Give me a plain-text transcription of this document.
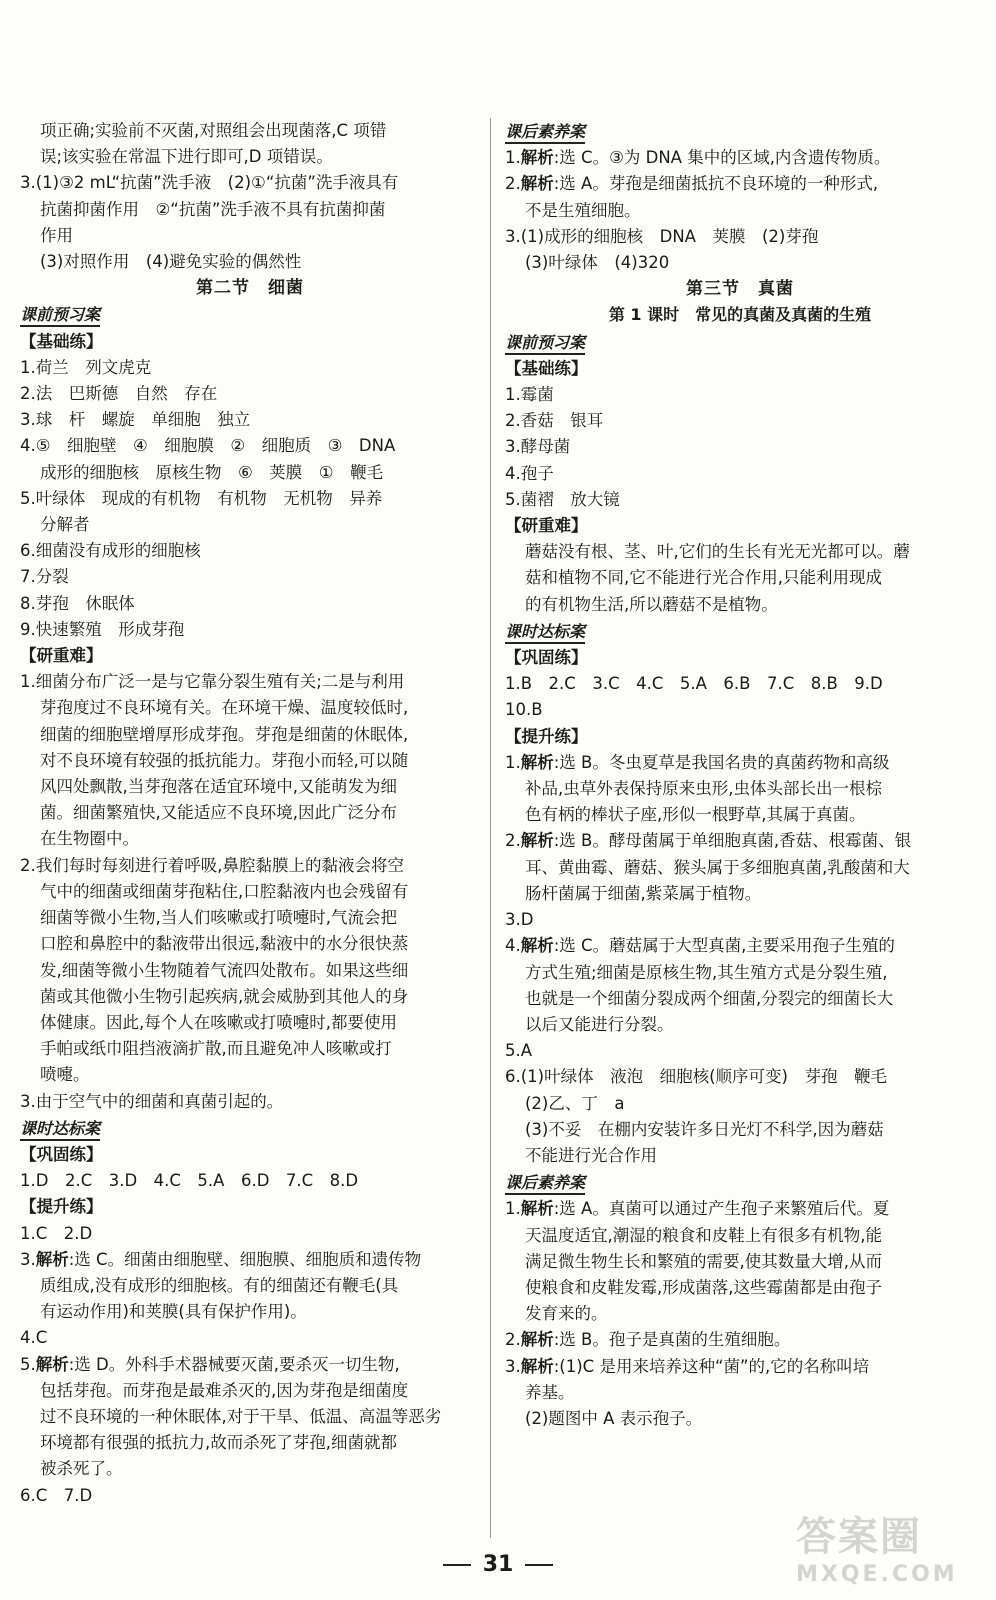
项正确;实验前不灭菌,对照组会出现菌落,C 项错
误;该实验在常温下进行即可,D 项错误。
3.(1)③2 mL“抗菌”洗手液　(2)①“抗菌”洗手液具有
抗菌抑菌作用　②“抗菌”洗手液不具有抗菌抑菌
作用
(3)对照作用　(4)避免实验的偶然性
第二节　细菌
课前预习案
【基础练】
1.荷兰　列文虎克
2.法　巴斯德　自然　存在
3.球　杆　螺旋　单细胞　独立
4.⑤　细胞壁　④　细胞膜　②　细胞质　③　DNA
成形的细胞核　原核生物　⑥　荚膜　①　鞭毛
5.叶绿体　现成的有机物　有机物　无机物　异养
分解者
6.细菌没有成形的细胞核
7.分裂
8.芽孢　休眠体
9.快速繁殖　形成芽孢
【研重难】
1.细菌分布广泛一是与它靠分裂生殖有关;二是与利用
芽孢度过不良环境有关。在环境干燥、温度较低时,
细菌的细胞壁增厚形成芽孢。芽孢是细菌的休眠体,
对不良环境有较强的抵抗能力。芽孢小而轻,可以随
风四处飘散,当芽孢落在适宜环境中,又能萌发为细
菌。细菌繁殖快,又能适应不良环境,因此广泛分布
在生物圈中。
2.我们每时每刻进行着呼吸,鼻腔黏膜上的黏液会将空
气中的细菌或细菌芽孢粘住,口腔黏液内也会残留有
细菌等微小生物,当人们咳嗽或打喷嚏时,气流会把
口腔和鼻腔中的黏液带出很远,黏液中的水分很快蒸
发,细菌等微小生物随着气流四处散布。如果这些细
菌或其他微小生物引起疾病,就会威胁到其他人的身
体健康。因此,每个人在咳嗽或打喷嚏时,都要使用
手帕或纸巾阻挡液滴扩散,而且避免冲人咳嗽或打
喷嚏。
3.由于空气中的细菌和真菌引起的。
课时达标案
【巩固练】
1.D　2.C　3.D　4.C　5.A　6.D　7.C　8.D
【提升练】
1.C　2.D
3.解析:选 C。细菌由细胞壁、细胞膜、细胞质和遗传物
质组成,没有成形的细胞核。有的细菌还有鞭毛(具
有运动作用)和荚膜(具有保护作用)。
4.C
5.解析:选 D。外科手术器械要灭菌,要杀灭一切生物,
包括芽孢。而芽孢是最难杀灭的,因为芽孢是细菌度
过不良环境的一种休眠体,对于干旱、低温、高温等恶劣
环境都有很强的抵抗力,故而杀死了芽孢,细菌就都
被杀死了。
6.C　7.D
课后素养案
1.解析:选 C。③为 DNA 集中的区域,内含遗传物质。
2.解析:选 A。芽孢是细菌抵抗不良环境的一种形式,
不是生殖细胞。
3.(1)成形的细胞核　DNA　荚膜　(2)芽孢
(3)叶绿体　(4)320
第三节　真菌
第 1 课时　常见的真菌及真菌的生殖
课前预习案
【基础练】
1.霉菌
2.香菇　银耳
3.酵母菌
4.孢子
5.菌褶　放大镜
【研重难】
蘑菇没有根、茎、叶,它们的生长有光无光都可以。蘑
菇和植物不同,它不能进行光合作用,只能利用现成
的有机物生活,所以蘑菇不是植物。
课时达标案
【巩固练】
1.B　2.C　3.C　4.C　5.A　6.B　7.C　8.B　9.D
10.B
【提升练】
1.解析:选 B。冬虫夏草是我国名贵的真菌药物和高级
补品,虫草外表保持原来虫形,虫体头部长出一根棕
色有柄的棒状子座,形似一根野草,其属于真菌。
2.解析:选 B。酵母菌属于单细胞真菌,香菇、根霉菌、银
耳、黄曲霉、蘑菇、猴头属于多细胞真菌,乳酸菌和大
肠杆菌属于细菌,紫菜属于植物。
3.D
4.解析:选 C。蘑菇属于大型真菌,主要采用孢子生殖的
方式生殖;细菌是原核生物,其生殖方式是分裂生殖,
也就是一个细菌分裂成两个细菌,分裂完的细菌长大
以后又能进行分裂。
5.A
6.(1)叶绿体　液泡　细胞核(顺序可变)　芽孢　鞭毛
(2)乙、丁　a
(3)不妥　在棚内安装许多日光灯不科学,因为蘑菇
不能进行光合作用
课后素养案
1.解析:选 A。真菌可以通过产生孢子来繁殖后代。夏
天温度适宜,潮湿的粮食和皮鞋上有很多有机物,能
满足微生物生长和繁殖的需要,使其数量大增,从而
使粮食和皮鞋发霉,形成菌落,这些霉菌都是由孢子
发育来的。
2.解析:选 B。孢子是真菌的生殖细胞。
3.解析:(1)C 是用来培养这种“菌”的,它的名称叫培
养基。
(2)题图中 A 表示孢子。
31
答案圈
MXQE.COM
